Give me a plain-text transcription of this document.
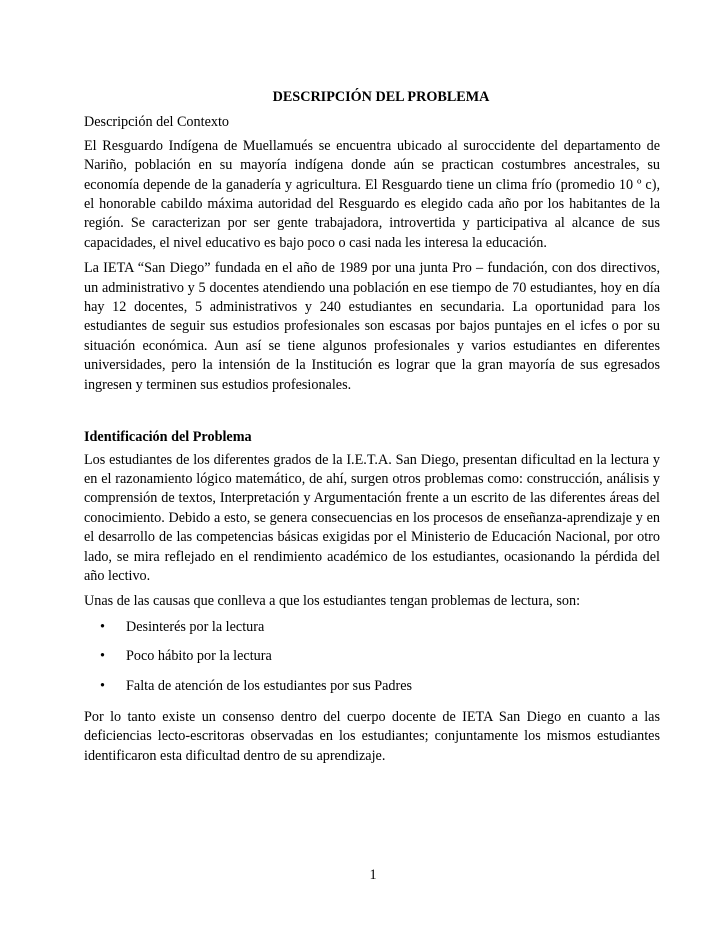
DESCRIPCIÓN DEL PROBLEMA
Descripción del Contexto

El Resguardo Indígena de Muellamués se encuentra ubicado al suroccidente del departamento de Nariño, población en su mayoría indígena donde aún se practican costumbres ancestrales, su economía depende de la ganadería y agricultura. El Resguardo tiene un clima frío (promedio 10 º c), el honorable cabildo máxima autoridad del Resguardo es elegido cada año por los habitantes de la región. Se caracterizan por ser gente trabajadora, introvertida y participativa al alcance de sus capacidades, el nivel educativo es bajo poco o casi nada les interesa la educación.

La IETA “San Diego” fundada en el año de 1989 por una junta Pro – fundación, con dos directivos, un administrativo y 5 docentes atendiendo una población en ese tiempo de 70 estudiantes, hoy en día hay 12 docentes, 5 administrativos y 240 estudiantes en secundaria. La oportunidad para los estudiantes de seguir sus estudios profesionales son escasas por bajos puntajes en el icfes o por su situación económica. Aun así se tiene algunos profesionales y varios estudiantes en diferentes universidades, pero la intensión de la Institución es lograr que la gran mayoría de sus egresados ingresen y terminen sus estudios profesionales.

Identificación del Problema

Los estudiantes de los diferentes grados de la I.E.T.A. San Diego, presentan dificultad en la lectura y en el razonamiento lógico matemático, de ahí, surgen otros problemas como: construcción, análisis y comprensión de textos, Interpretación y Argumentación frente a un escrito de las diferentes áreas del conocimiento. Debido a esto, se genera consecuencias en los procesos de enseñanza-aprendizaje y en el desarrollo de las competencias básicas exigidas por el Ministerio de Educación Nacional, por otro lado, se mira reflejado en el rendimiento académico de los estudiantes, ocasionando la pérdida del año lectivo.

Unas de las causas que conlleva a que los estudiantes tengan problemas de lectura, son:

• Desinterés por la lectura
• Poco hábito por la lectura
• Falta de atención de los estudiantes por sus Padres

Por lo tanto existe un consenso dentro del cuerpo docente de IETA San Diego en cuanto a las deficiencias lecto-escritoras observadas en los estudiantes; conjuntamente los mismos estudiantes identificaron esta dificultad dentro de su aprendizaje.

1
